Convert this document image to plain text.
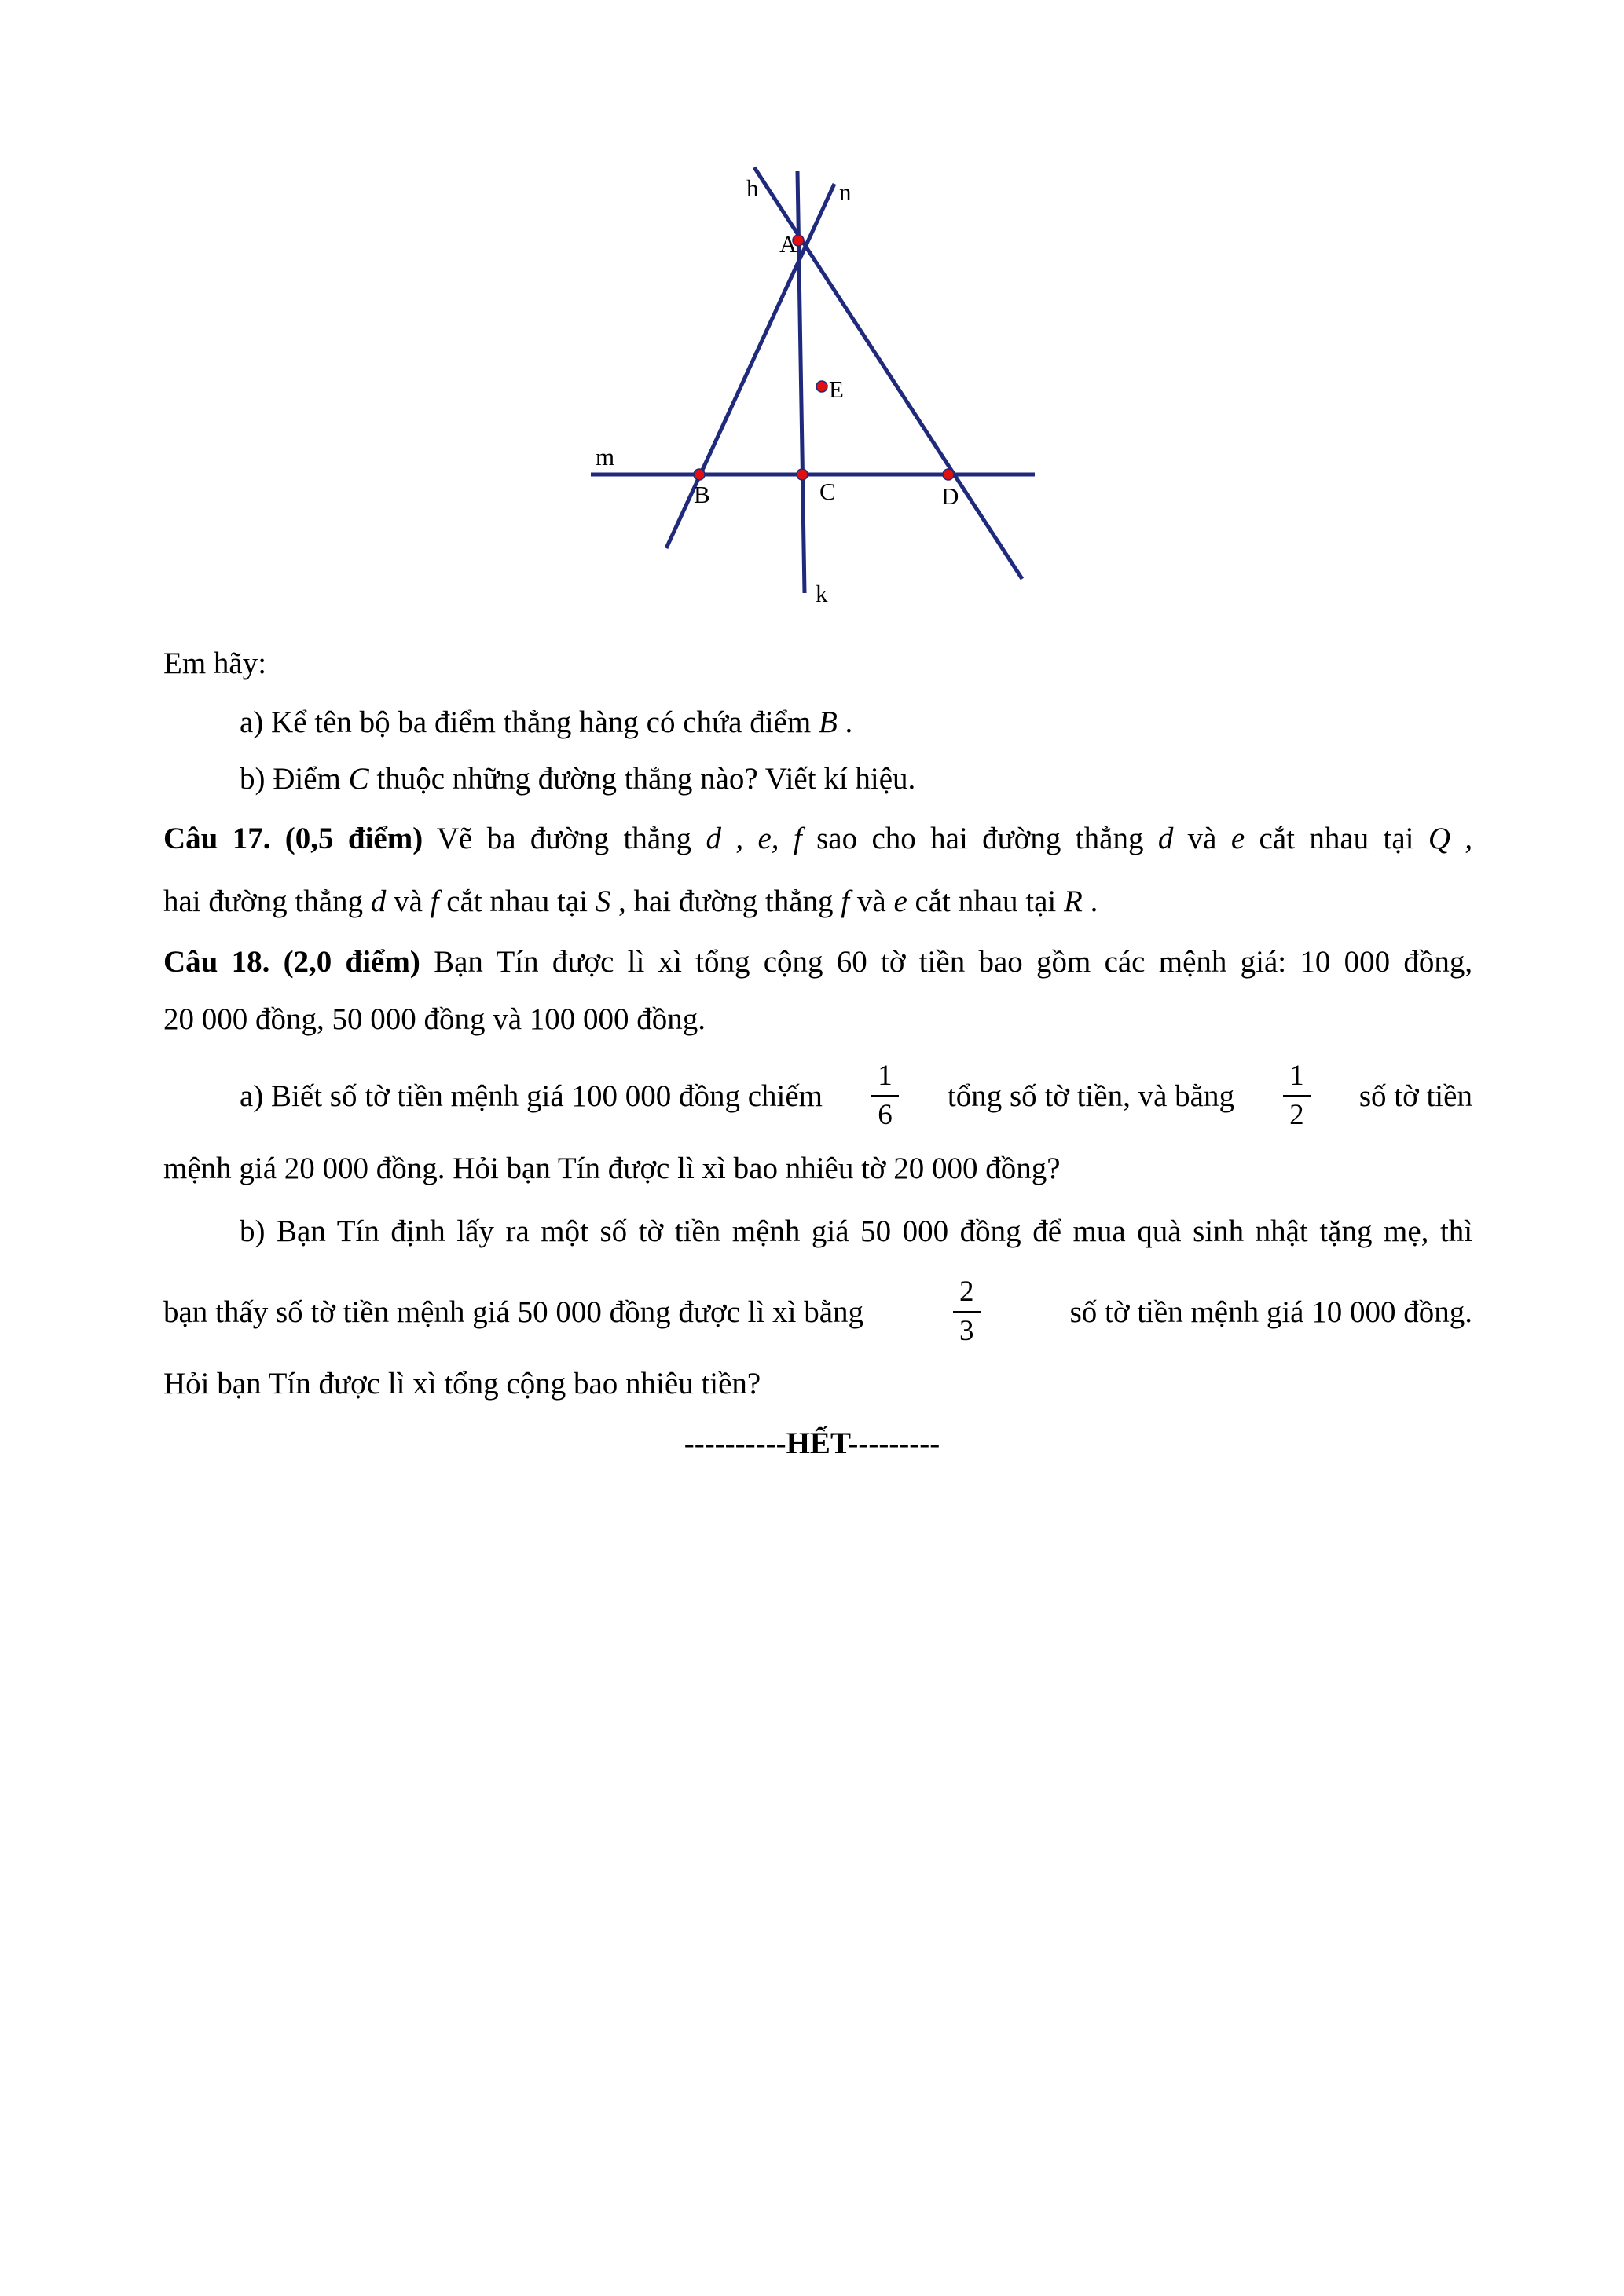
h	n
m
k
A
B	C	D
E
Em hãy:
a) Kể tên bộ ba điểm thẳng hàng có chứa điểm B .
b) Điểm C thuộc những đường thẳng nào? Viết kí hiệu.
Câu 17. (0,5 điểm) Vẽ ba đường thẳng d , e, f sao cho hai đường thẳng d và e cắt nhau tại Q ,
hai đường thẳng d và f cắt nhau tại S , hai đường thẳng f và e cắt nhau tại R .
Câu 18. (2,0 điểm) Bạn Tín được lì xì tổng cộng 60 tờ tiền bao gồm các mệnh giá: 10 000 đồng,
20 000 đồng, 50 000 đồng và 100 000 đồng.
a) Biết số tờ tiền mệnh giá 100 000 đồng chiếm $\frac{1}{6}$ tổng số tờ tiền, và bằng $\frac{1}{2}$ số tờ tiền
mệnh giá 20 000 đồng. Hỏi bạn Tín được lì xì bao nhiêu tờ 20 000 đồng?
b) Bạn Tín định lấy ra một số tờ tiền mệnh giá 50 000 đồng để mua quà sinh nhật tặng mẹ, thì
bạn thấy số tờ tiền mệnh giá 50 000 đồng được lì xì bằng	$\frac{2}{3}$	số tờ tiền mệnh giá 10 000 đồng.
Hỏi bạn Tín được lì xì tổng cộng bao nhiêu tiền?
----------HẾT---------
